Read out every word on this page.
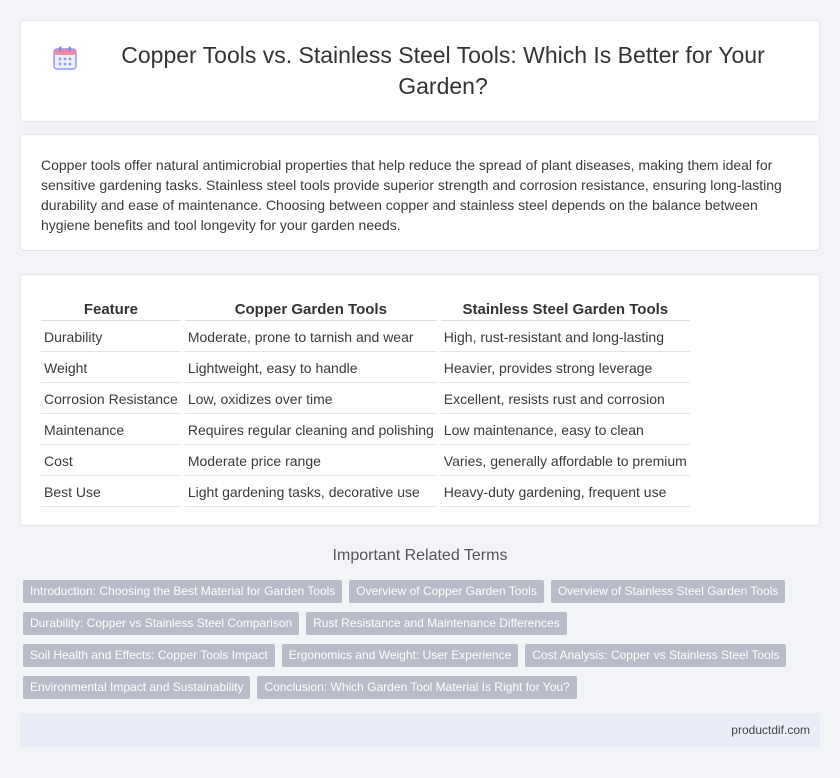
Copper Tools vs. Stainless Steel Tools: Which Is Better for Your Garden?

Copper tools offer natural antimicrobial properties that help reduce the spread of plant diseases, making them ideal for sensitive gardening tasks. Stainless steel tools provide superior strength and corrosion resistance, ensuring long-lasting durability and ease of maintenance. Choosing between copper and stainless steel depends on the balance between hygiene benefits and tool longevity for your garden needs.

Feature	Copper Garden Tools	Stainless Steel Garden Tools
Durability	Moderate, prone to tarnish and wear	High, rust-resistant and long-lasting
Weight	Lightweight, easy to handle	Heavier, provides strong leverage
Corrosion Resistance	Low, oxidizes over time	Excellent, resists rust and corrosion
Maintenance	Requires regular cleaning and polishing	Low maintenance, easy to clean
Cost	Moderate price range	Varies, generally affordable to premium
Best Use	Light gardening tasks, decorative use	Heavy-duty gardening, frequent use
Important Related Terms
Introduction: Choosing the Best Material for Garden Tools	Overview of Copper Garden Tools	Overview of Stainless Steel Garden Tools
Durability: Copper vs Stainless Steel Comparison	Rust Resistance and Maintenance Differences
Soil Health and Effects: Copper Tools Impact	Ergonomics and Weight: User Experience	Cost Analysis: Copper vs Stainless Steel Tools
Environmental Impact and Sustainability	Conclusion: Which Garden Tool Material Is Right for You?
productdif.com
